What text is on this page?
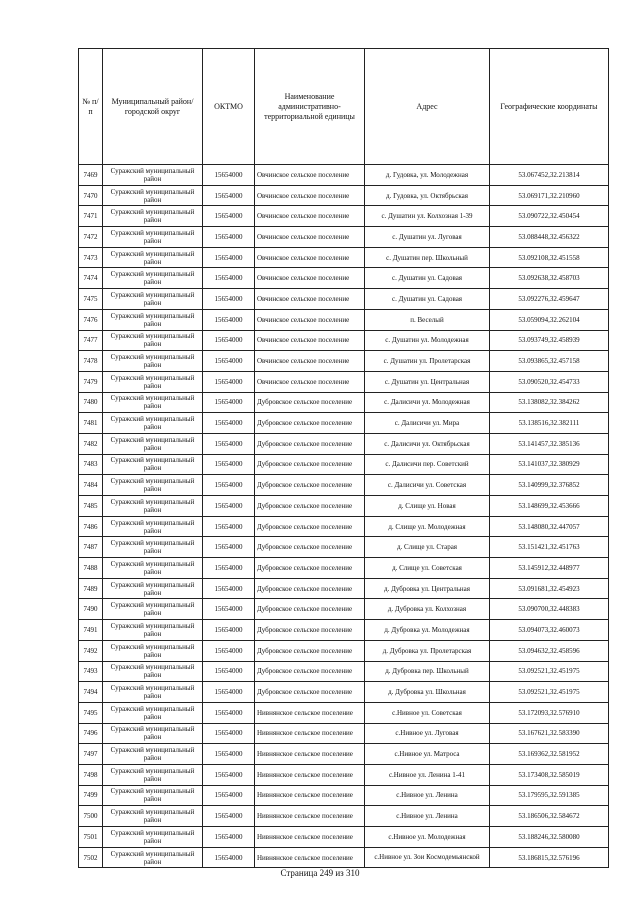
№ п/п	Муниципальный район/городской округ	ОКТМО	Наименование административно-территориальной единицы	Адрес	Географические координаты
7469	Суражский муниципальный район	15654000	Овчинское сельское поселение	д. Гудовка, ул. Молодежная	53.067452,32.213814
7470	Суражский муниципальный район	15654000	Овчинское сельское поселение	д. Гудовка, ул. Октябрьская	53.069171,32.210960
7471	Суражский муниципальный район	15654000	Овчинское сельское поселение	с. Душатин ул. Колхозная 1-39	53.090722,32.450454
7472	Суражский муниципальный район	15654000	Овчинское сельское поселение	с. Душатин ул. Луговая	53.088448,32.456322
7473	Суражский муниципальный район	15654000	Овчинское сельское поселение	с. Душатин пер. Школьный	53.092108,32.451558
7474	Суражский муниципальный район	15654000	Овчинское сельское поселение	с. Душатин ул. Садовая	53.092638,32.458703
7475	Суражский муниципальный район	15654000	Овчинское сельское поселение	с. Душатин ул. Садовая	53.092276,32.459647
7476	Суражский муниципальный район	15654000	Овчинское сельское поселение	п. Веселый	53.059094,32.262104
7477	Суражский муниципальный район	15654000	Овчинское сельское поселение	с. Душатин ул. Молодежная	53.093749,32.458939
7478	Суражский муниципальный район	15654000	Овчинское сельское поселение	с. Душатин ул. Пролетарская	53.093865,32.457158
7479	Суражский муниципальный район	15654000	Овчинское сельское поселение	с. Душатин ул. Центральная	53.090520,32.454733
7480	Суражский муниципальный район	15654000	Дубровское сельское поселение	с. Далисичи ул. Молодежная	53.138082,32.384262
7481	Суражский муниципальный район	15654000	Дубровское сельское поселение	с. Далисичи ул. Мира	53.138516,32.382111
7482	Суражский муниципальный район	15654000	Дубровское сельское поселение	с. Далисичи ул. Октябрьская	53.141457,32.385136
7483	Суражский муниципальный район	15654000	Дубровское сельское поселение	с. Далисичи пер. Советский	53.141037,32.380929
7484	Суражский муниципальный район	15654000	Дубровское сельское поселение	с. Далисичи ул. Советская	53.140999,32.376852
7485	Суражский муниципальный район	15654000	Дубровское сельское поселение	д. Слище ул. Новая	53.148699,32.453666
7486	Суражский муниципальный район	15654000	Дубровское сельское поселение	д. Слище ул. Молодежная	53.148080,32.447057
7487	Суражский муниципальный район	15654000	Дубровское сельское поселение	д. Слище ул. Старая	53.151421,32.451763
7488	Суражский муниципальный район	15654000	Дубровское сельское поселение	д. Слище ул. Советская	53.145912,32.448977
7489	Суражский муниципальный район	15654000	Дубровское сельское поселение	д. Дубровка ул. Центральная	53.091681,32.454923
7490	Суражский муниципальный район	15654000	Дубровское сельское поселение	д. Дубровка ул. Колхозная	53.090700,32.448383
7491	Суражский муниципальный район	15654000	Дубровское сельское поселение	д. Дубровка ул. Молодежная	53.094073,32.460073
7492	Суражский муниципальный район	15654000	Дубровское сельское поселение	д. Дубровка ул. Пролетарская	53.094632,32.458596
7493	Суражский муниципальный район	15654000	Дубровское сельское поселение	д. Дубровка пер. Школьный	53.092521,32.451975
7494	Суражский муниципальный район	15654000	Дубровское сельское поселение	д. Дубровка ул. Школьная	53.092521,32.451975
7495	Суражский муниципальный район	15654000	Нивнянское сельское поселение	с.Нивное ул. Советская	53.172093,32.576910
7496	Суражский муниципальный район	15654000	Нивнянское сельское поселение	с.Нивное ул. Луговая	53.167621,32.583390
7497	Суражский муниципальный район	15654000	Нивнянское сельское поселение	с.Нивное ул. Матроса	53.169362,32.581952
7498	Суражский муниципальный район	15654000	Нивнянское сельское поселение	с.Нивное ул. Ленина 1-41	53.173408,32.585019
7499	Суражский муниципальный район	15654000	Нивнянское сельское поселение	с.Нивное ул. Ленина	53.179595,32.591385
7500	Суражский муниципальный район	15654000	Нивнянское сельское поселение	с.Нивное ул. Ленина	53.186506,32.584672
7501	Суражский муниципальный район	15654000	Нивнянское сельское поселение	с.Нивное ул. Молодежная	53.188246,32.580080
7502	Суражский муниципальный район	15654000	Нивнянское сельское поселение	с.Нивное ул. Зои Космодемьянской	53.186815,32.576196
Страница 249 из 310
